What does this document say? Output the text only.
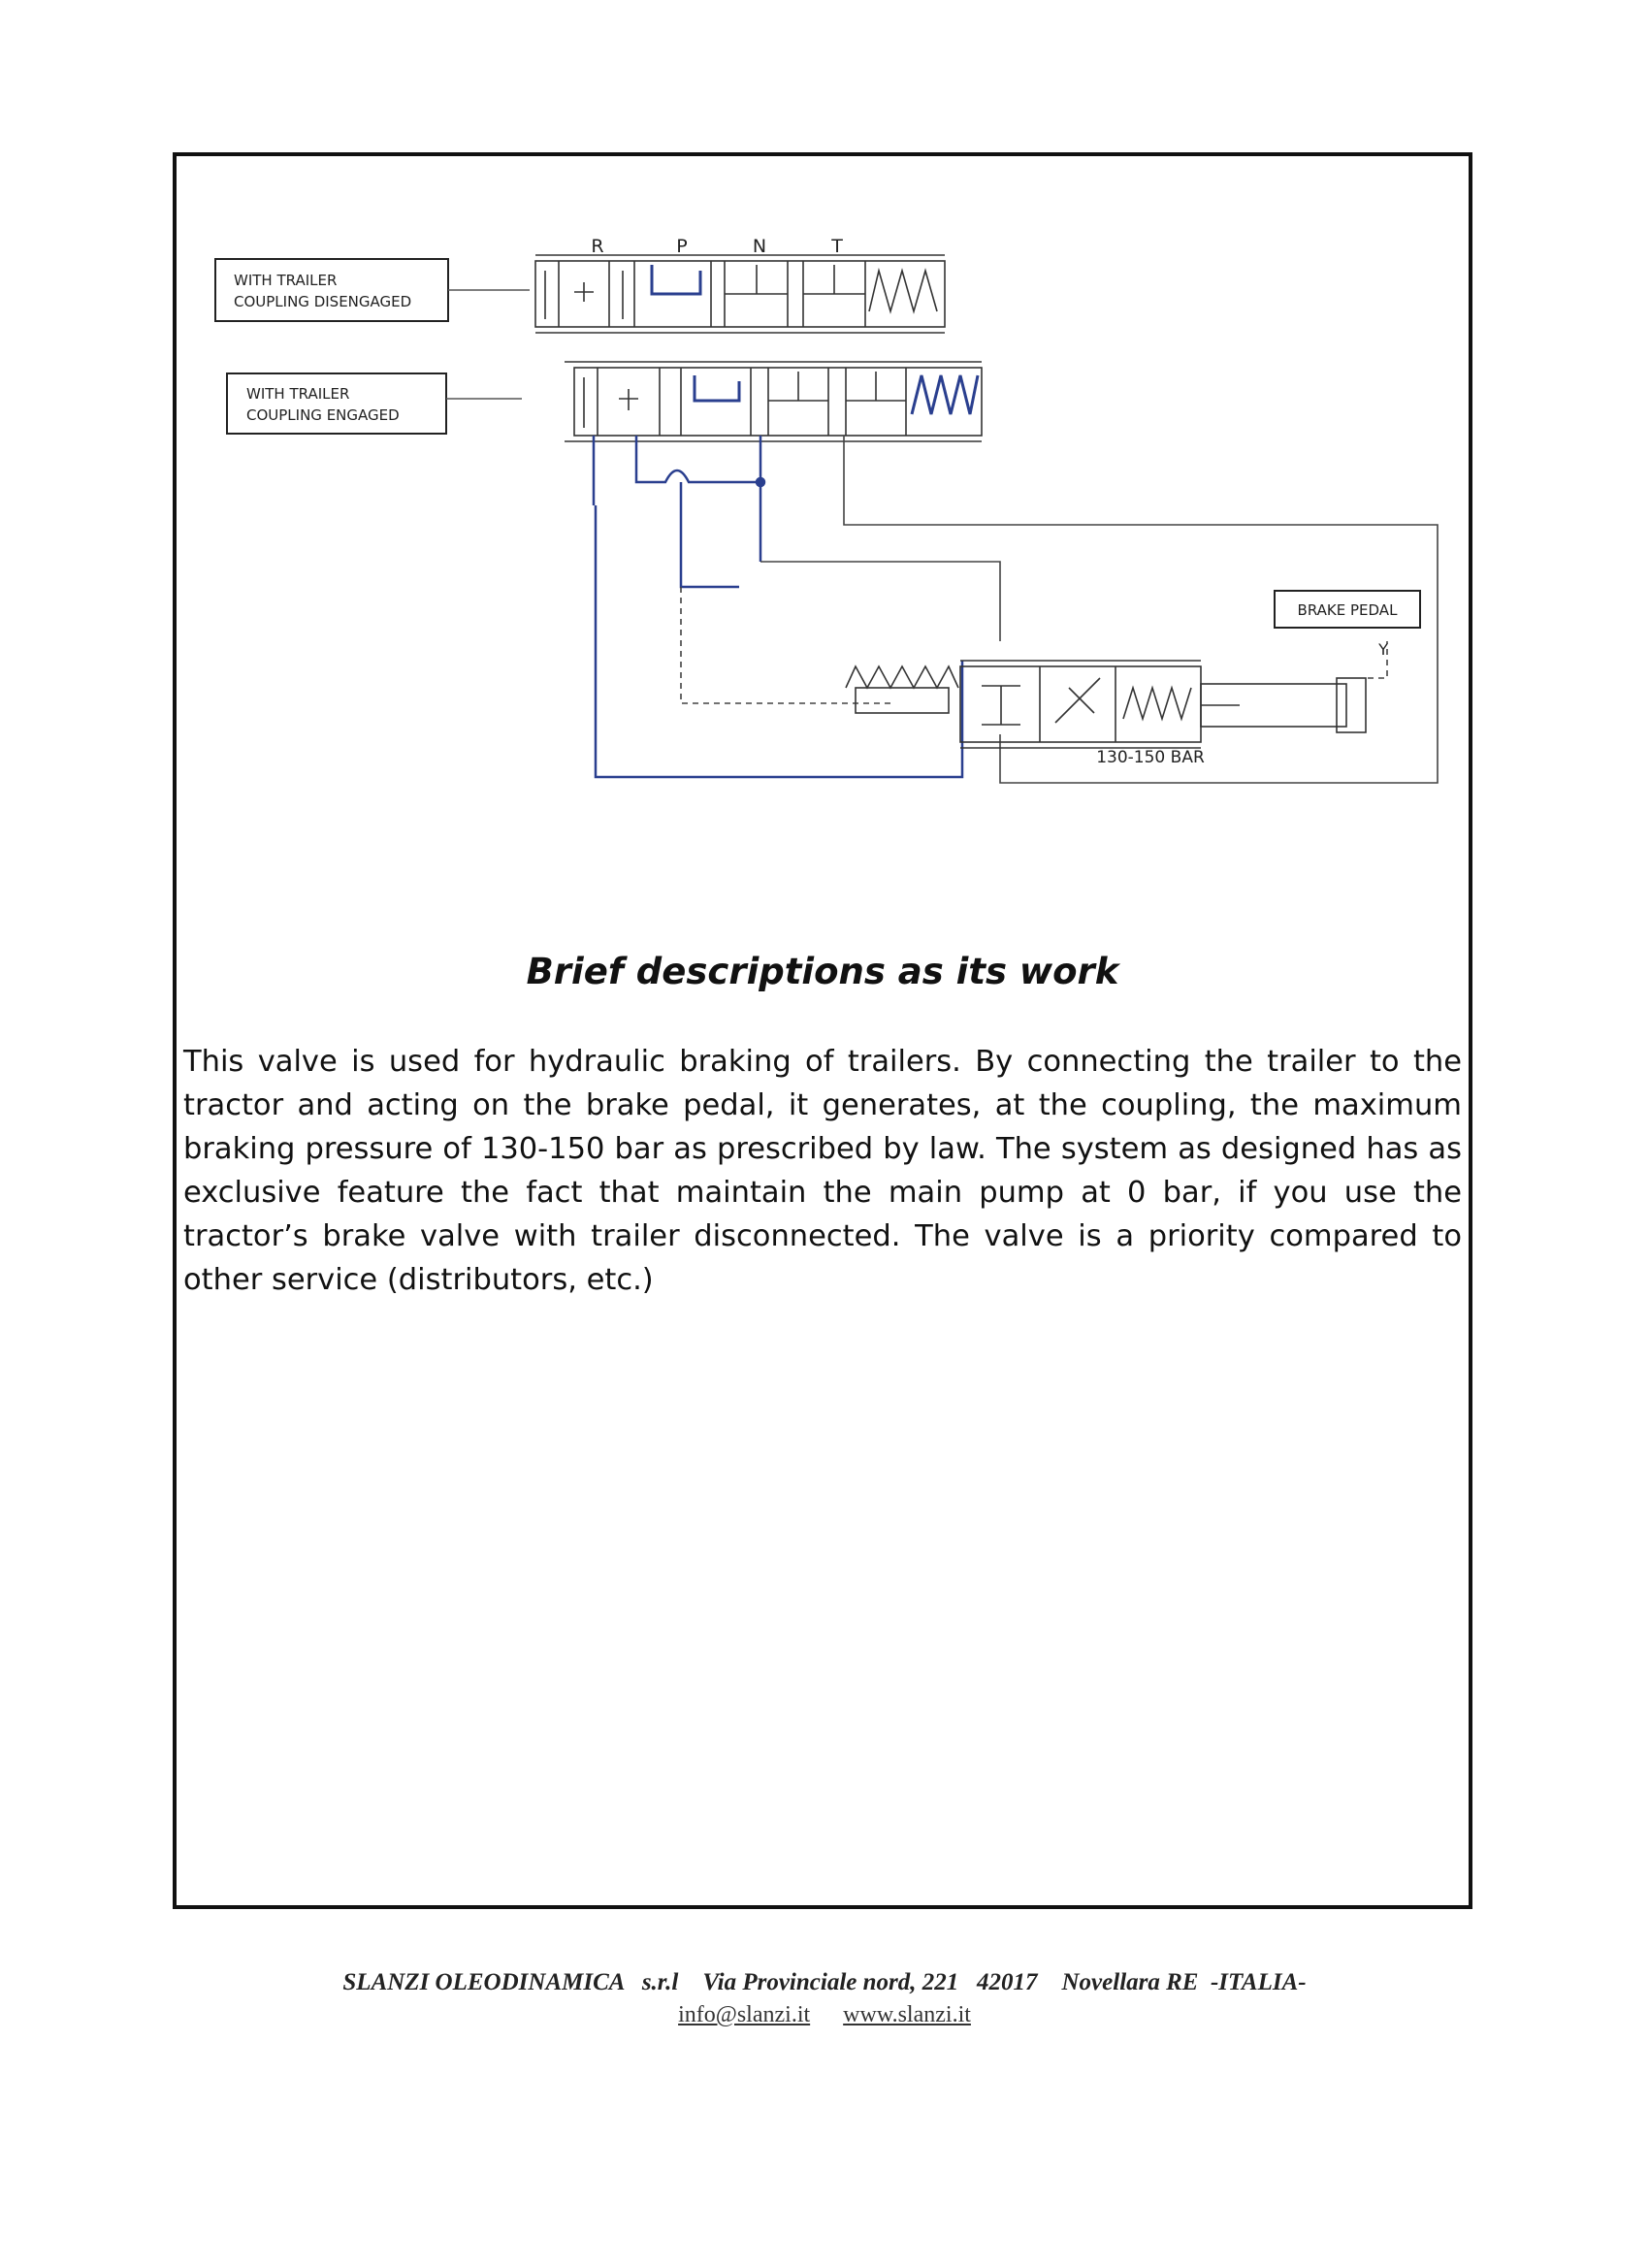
R	P	N	T
WITH TRAILER
COUPLING DISENGAGED
WITH TRAILER
COUPLING ENGAGED
130-150 BAR
BRAKE PEDAL
Y
Brief descriptions as its work
This valve is used for hydraulic braking of trailers. By connecting the trailer to the tractor and acting on the brake pedal, it generates, at the coupling, the maximum braking pressure of 130-150 bar as prescribed by law. The system as designed has as exclusive feature the fact that maintain the main pump at 0 bar, if you use the tractor’s brake valve with trailer disconnected. The valve is a priority compared to other service (distributors, etc.)
SLANZI OLEODINAMICA s.r.l Via Provinciale nord, 221 42017 Novellara RE -ITALIA-
info@slanzi.it www.slanzi.it
